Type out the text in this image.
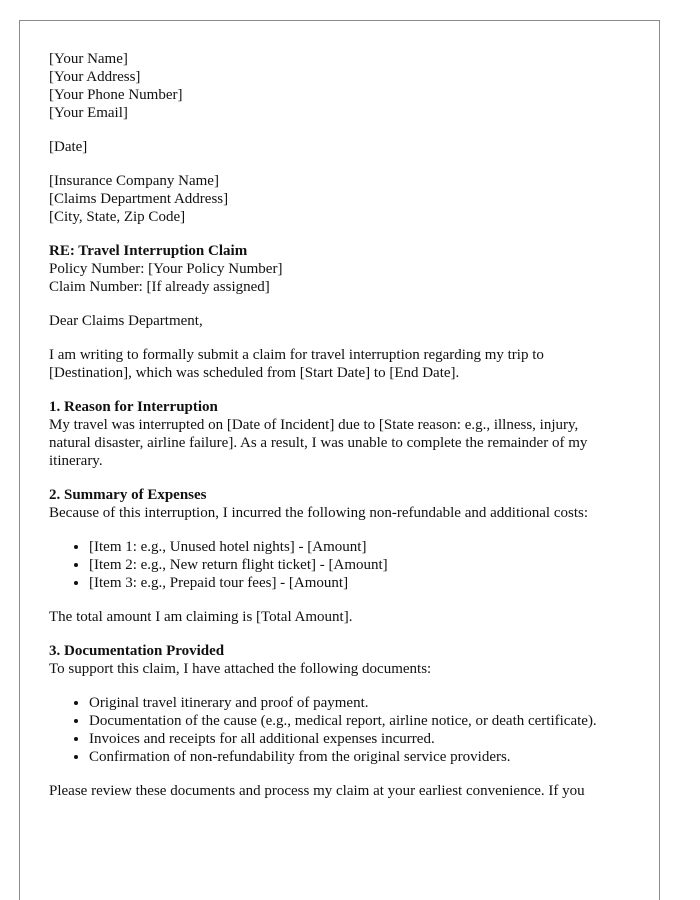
[Your Name]
[Your Address]
[Your Phone Number]
[Your Email]
[Date]
[Insurance Company Name]
[Claims Department Address]
[City, State, Zip Code]
RE: Travel Interruption Claim
Policy Number: [Your Policy Number]
Claim Number: [If already assigned]
Dear Claims Department,
I am writing to formally submit a claim for travel interruption regarding my trip to
[Destination], which was scheduled from [Start Date] to [End Date].
1. Reason for Interruption
My travel was interrupted on [Date of Incident] due to [State reason: e.g., illness, injury,
natural disaster, airline failure]. As a result, I was unable to complete the remainder of my
itinerary.
2. Summary of Expenses
Because of this interruption, I incurred the following non-refundable and additional costs:
• [Item 1: e.g., Unused hotel nights] - [Amount]
• [Item 2: e.g., New return flight ticket] - [Amount]
• [Item 3: e.g., Prepaid tour fees] - [Amount]
The total amount I am claiming is [Total Amount].
3. Documentation Provided
To support this claim, I have attached the following documents:
• Original travel itinerary and proof of payment.
• Documentation of the cause (e.g., medical report, airline notice, or death certificate).
• Invoices and receipts for all additional expenses incurred.
• Confirmation of non-refundability from the original service providers.
Please review these documents and process my claim at your earliest convenience. If you
